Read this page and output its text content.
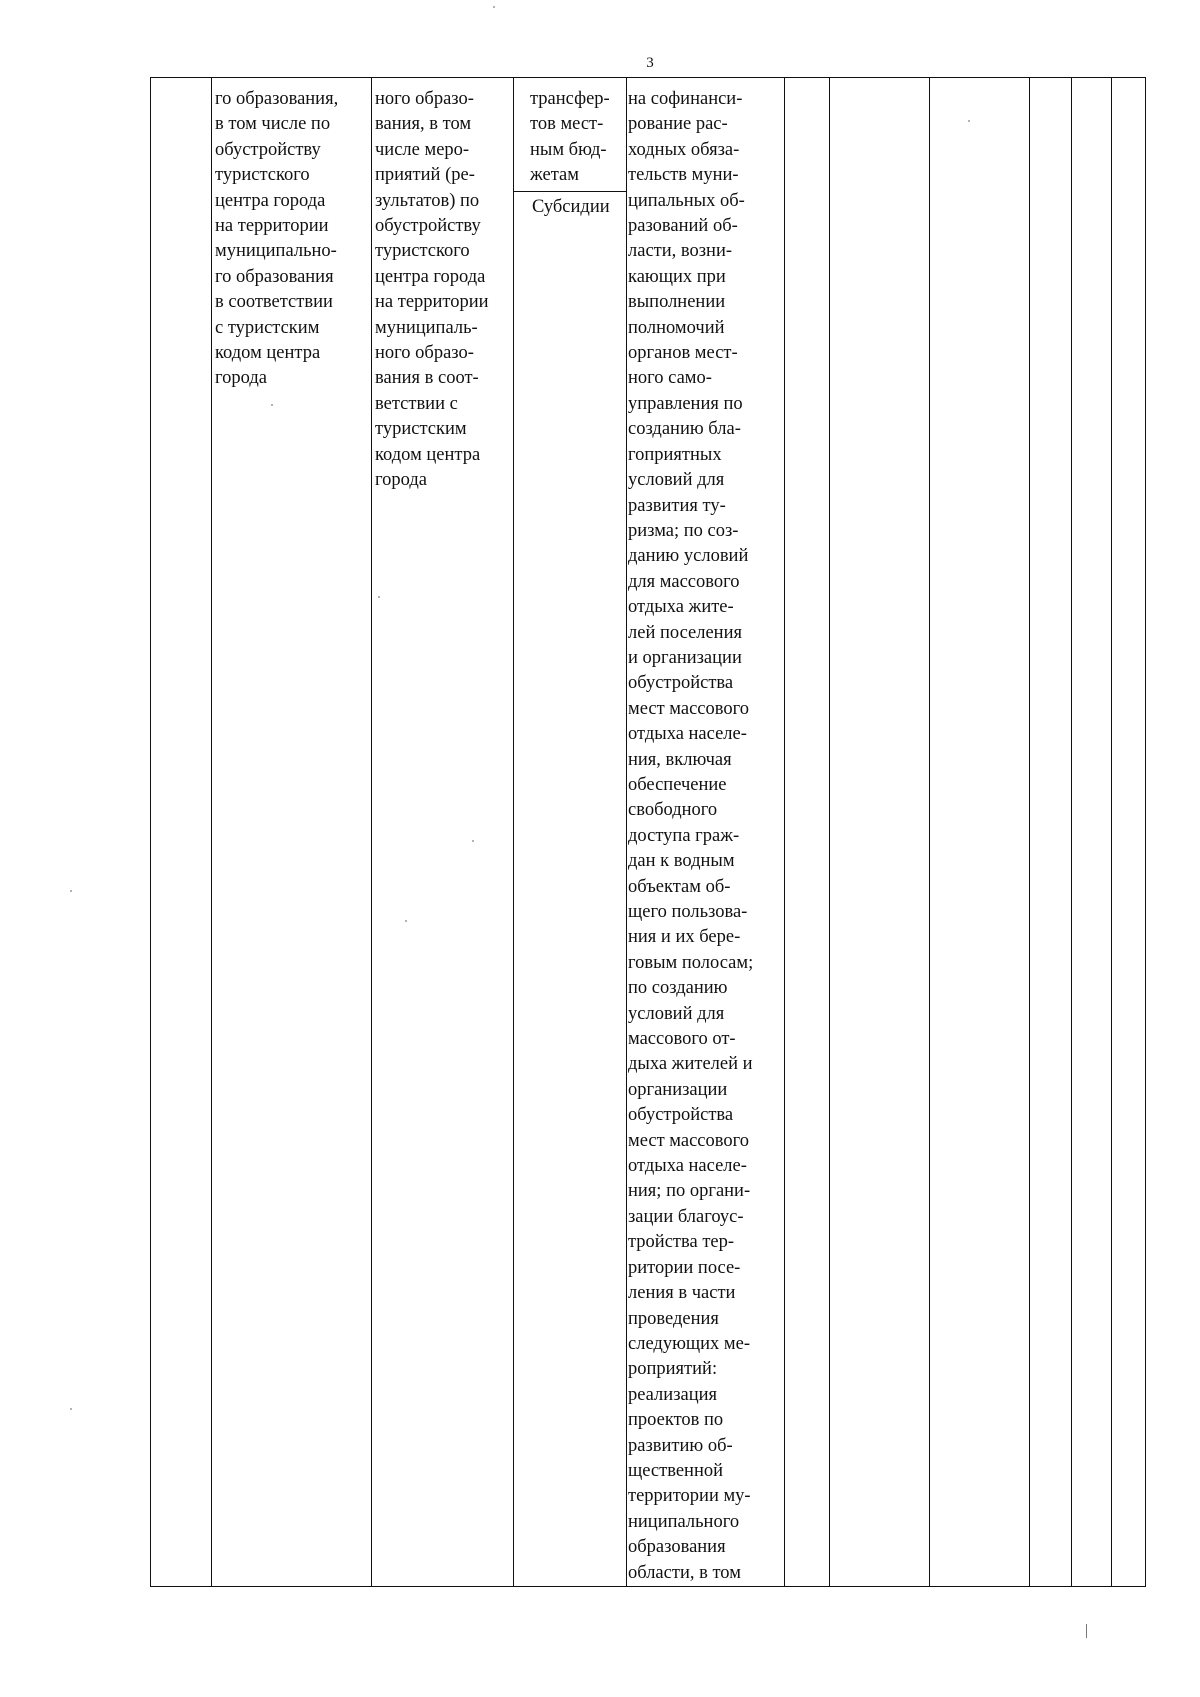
3
го образования,
в том числе по
обустройству
туристского
центра города
на территории
муниципально-
го образования
в соответствии
с туристским
кодом центра
города
ного образо-
вания, в том
числе меро-
приятий (ре-
зультатов) по
обустройству
туристского
центра города
на территории
муниципаль-
ного образо-
вания в соот-
ветствии с
туристским
кодом центра
города
трансфер-
тов мест-
ным бюд-
жетам
Субсидии
на софинанси-
рование рас-
ходных обяза-
тельств муни-
ципальных об-
разований об-
ласти, возни-
кающих при
выполнении
полномочий
органов мест-
ного само-
управления по
созданию бла-
гоприятных
условий для
развития ту-
ризма; по соз-
данию условий
для массового
отдыха жите-
лей поселения
и организации
обустройства
мест массового
отдыха населе-
ния, включая
обеспечение
свободного
доступа граж-
дан к водным
объектам об-
щего пользова-
ния и их бере-
говым полосам;
по созданию
условий для
массового от-
дыха жителей и
организации
обустройства
мест массового
отдыха населе-
ния; по органи-
зации благоус-
тройства тер-
ритории посе-
ления в части
проведения
следующих ме-
роприятий:
реализация
проектов по
развитию об-
щественной
территории му-
ниципального
образования
области, в том
